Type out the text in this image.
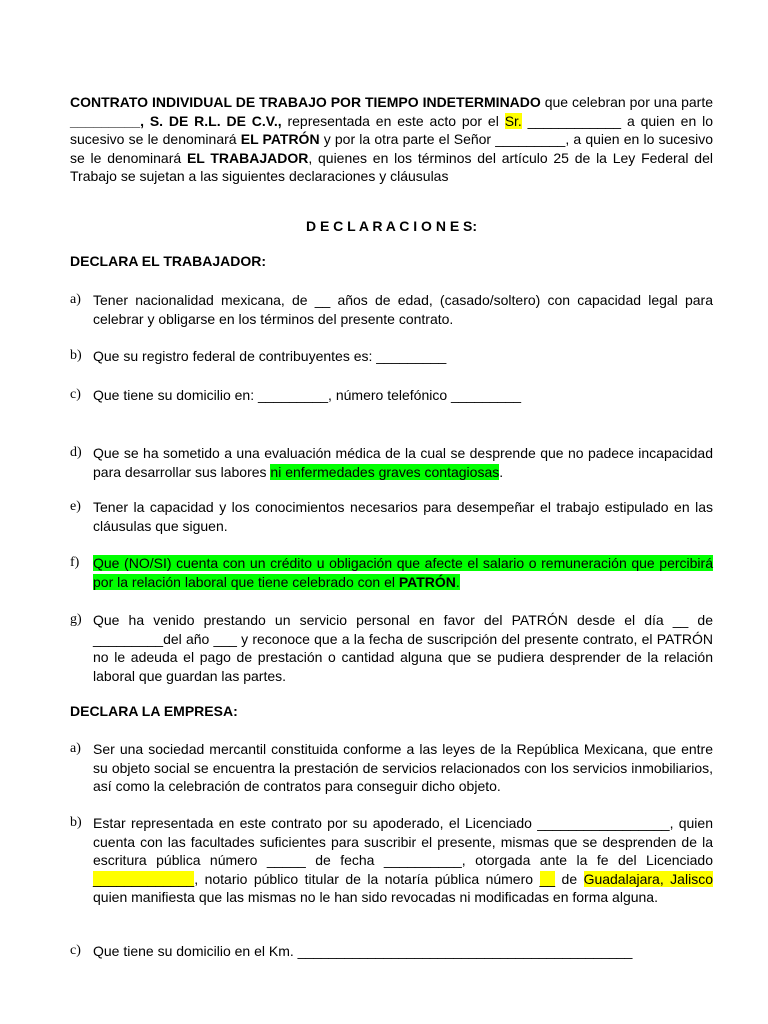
CONTRATO INDIVIDUAL DE TRABAJO POR TIEMPO INDETERMINADO que celebran por una parte _________, S. DE R.L. DE C.V., representada en este acto por el Sr. ____________ a quien en lo sucesivo se le denominará EL PATRÓN y por la otra parte el Señor _________, a quien en lo sucesivo se le denominará EL TRABAJADOR, quienes en los términos del artículo 25 de la Ley Federal del Trabajo se sujetan a las siguientes declaraciones y cláusulas
D E C L A R A C I O N E S:
DECLARA EL TRABAJADOR:
a) Tener nacionalidad mexicana, de __ años de edad, (casado/soltero) con capacidad legal para celebrar y obligarse en los términos del presente contrato.
b) Que su registro federal de contribuyentes es: _________
c) Que tiene su domicilio en: _________, número telefónico _________
d) Que se ha sometido a una evaluación médica de la cual se desprende que no padece incapacidad para desarrollar sus labores ni enfermedades graves contagiosas.
e) Tener la capacidad y los conocimientos necesarios para desempeñar el trabajo estipulado en las cláusulas que siguen.
f) Que (NO/SI) cuenta con un crédito u obligación que afecte el salario o remuneración que percibirá por la relación laboral que tiene celebrado con el PATRÓN.
g) Que ha venido prestando un servicio personal en favor del PATRÓN desde el día __ de _________del año ___ y reconoce que a la fecha de suscripción del presente contrato, el PATRÓN no le adeuda el pago de prestación o cantidad alguna que se pudiera desprender de la relación laboral que guardan las partes.
DECLARA LA EMPRESA:
a) Ser una sociedad mercantil constituida conforme a las leyes de la República Mexicana, que entre su objeto social se encuentra la prestación de servicios relacionados con los servicios inmobiliarios, así como la celebración de contratos para conseguir dicho objeto.
b) Estar representada en este contrato por su apoderado, el Licenciado _________________, quien cuenta con las facultades suficientes para suscribir el presente, mismas que se desprenden de la escritura pública número _____ de fecha __________, otorgada ante la fe del Licenciado _____________, notario público titular de la notaría pública número __ de Guadalajara, Jalisco quien manifiesta que las mismas no le han sido revocadas ni modificadas en forma alguna.
c) Que tiene su domicilio en el Km. ___________________________________________
